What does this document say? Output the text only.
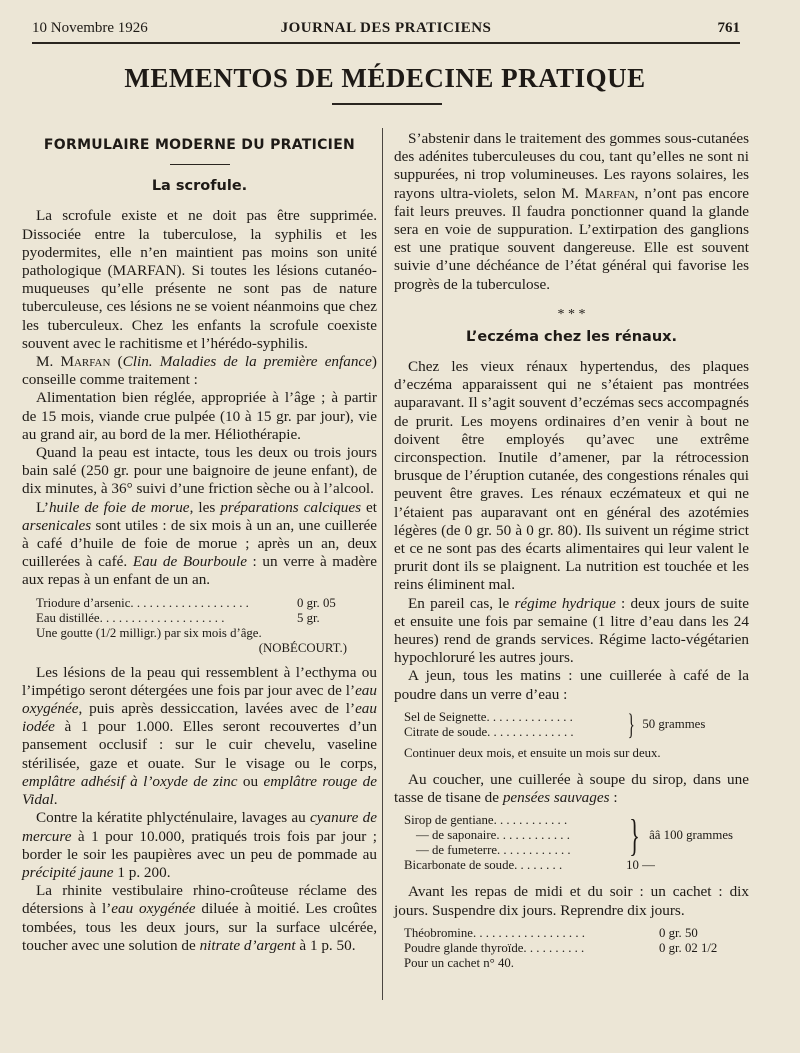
10 Novembre 1926	JOURNAL DES PRATICIENS	761
MEMENTOS DE MÉDECINE PRATIQUE
FORMULAIRE MODERNE DU PRATICIEN
La scrofule.

La scrofule existe et ne doit pas être supprimée. Dissociée entre la tuberculose, la syphilis et les pyodermites, elle n’en maintient pas moins son unité pathologique (MARFAN). Si toutes les lésions cutanéo-muqueuses qu’elle présente ne sont pas de nature tuberculeuse, ces lésions ne se voient néanmoins que chez les tuberculeux. Chez les enfants la scrofule coexiste souvent avec le rachitisme et l’hérédo-syphilis.

M. Marfan (Clin. Maladies de la première enfance) conseille comme traitement :

Alimentation bien réglée, appropriée à l’âge ; à partir de 15 mois, viande crue pulpée (10 à 15 gr. par jour), vie au grand air, au bord de la mer. Héliothérapie.

Quand la peau est intacte, tous les deux ou trois jours bain salé (250 gr. pour une baignoire de jeune enfant), de dix minutes, à 36° suivi d’une friction sèche ou à l’alcool.

L’huile de foie de morue, les préparations calciques et arsenicales sont utiles : de six mois à un an, une cuillerée à café d’huile de foie de morue ; après un an, deux cuillerées à café. Eau de Bourboule : un verre à madère aux repas à un enfant de un an.

Triodure d’arsenic . . . . . . . . . . . . . . . . . . .	0 gr. 05
Eau distillée . . . . . . . . . . . . . . . . . . . .	5 gr.
Une goutte (1/2 milligr.) par six mois d’âge.
(NOBÉCOURT.)

Les lésions de la peau qui ressemblent à l’ecthyma ou l’impétigo seront détergées une fois par jour avec de l’eau oxygénée, puis après dessiccation, lavées avec de l’eau iodée à 1 pour 1.000. Elles seront recouvertes d’un pansement occlusif : sur le cuir chevelu, vaseline stérilisée, gaze et ouate. Sur le visage ou le corps, emplâtre adhésif à l’oxyde de zinc ou emplâtre rouge de Vidal.

Contre la kératite phlycténulaire, lavages au cyanure de mercure à 1 pour 10.000, pratiqués trois fois par jour ; border le soir les paupières avec un peu de pommade au précipité jaune 1 p. 200.

La rhinite vestibulaire rhino-croûteuse réclame des détersions à l’eau oxygénée diluée à moitié. Les croûtes tombées, tous les deux jours, sur la surface ulcérée, toucher avec une solution de nitrate d’argent à 1 p. 50.

S’abstenir dans le traitement des gommes sous-cutanées des adénites tuberculeuses du cou, tant qu’elles ne sont ni suppurées, ni trop volumineuses. Les rayons solaires, les rayons ultra-violets, selon M. Marfan, n’ont pas encore fait leurs preuves. Il faudra ponctionner quand la glande sera en voie de suppuration. L’extirpation des ganglions est une pratique souvent dangereuse. Elle est souvent suivie d’une déchéance de l’état général qui favorise les progrès de la tuberculose.

* * *
L’eczéma chez les rénaux.

Chez les vieux rénaux hypertendus, des plaques d’eczéma apparaissent qui ne s’étaient pas montrées auparavant. Il s’agit souvent d’eczémas secs accompagnés de prurit. Les moyens ordinaires d’en venir à bout ne doivent être employés qu’avec une extrême circonspection. Inutile d’amener, par la rétrocession brusque de l’éruption cutanée, des congestions rénales qui peuvent être graves. Les rénaux eczémateux et qui ne l’étaient pas auparavant ont en général des azotémies légères (de 0 gr. 50 à 0 gr. 80). Ils suivent un régime strict et ce ne sont pas des écarts alimentaires qui leur valent le prurit dont ils se plaignent. La nutrition est touchée et les reins éliminent mal.

En pareil cas, le régime hydrique : deux jours de suite et ensuite une fois par semaine (1 litre d’eau dans les 24 heures) rend de grands services. Régime lacto-végétarien hypochloruré les autres jours.

A jeun, tous les matins : une cuillerée à café de la poudre dans un verre d’eau :

Sel de Seignette . . . . . . . . . . . . . .
Citrate de soude . . . . . . . . . . . . . .	} 50 grammes
Continuer deux mois, et ensuite un mois sur deux.

Au coucher, une cuillerée à soupe du sirop, dans une tasse de tisane de pensées sauvages :

Sirop de gentiane . . . . . . . . . . . .
— de saponaire . . . . . . . . . . . .
— de fumeterre . . . . . . . . . . . .	} ââ 100 grammes
Bicarbonate de soude . . . . . . . .	10 —

Avant les repas de midi et du soir : un cachet : dix jours. Suspendre dix jours. Reprendre dix jours.

Théobromine . . . . . . . . . . . . . . . . . .	0 gr. 50
Poudre glande thyroïde . . . . . . . . . .	0 gr. 02 1/2
Pour un cachet n° 40.
